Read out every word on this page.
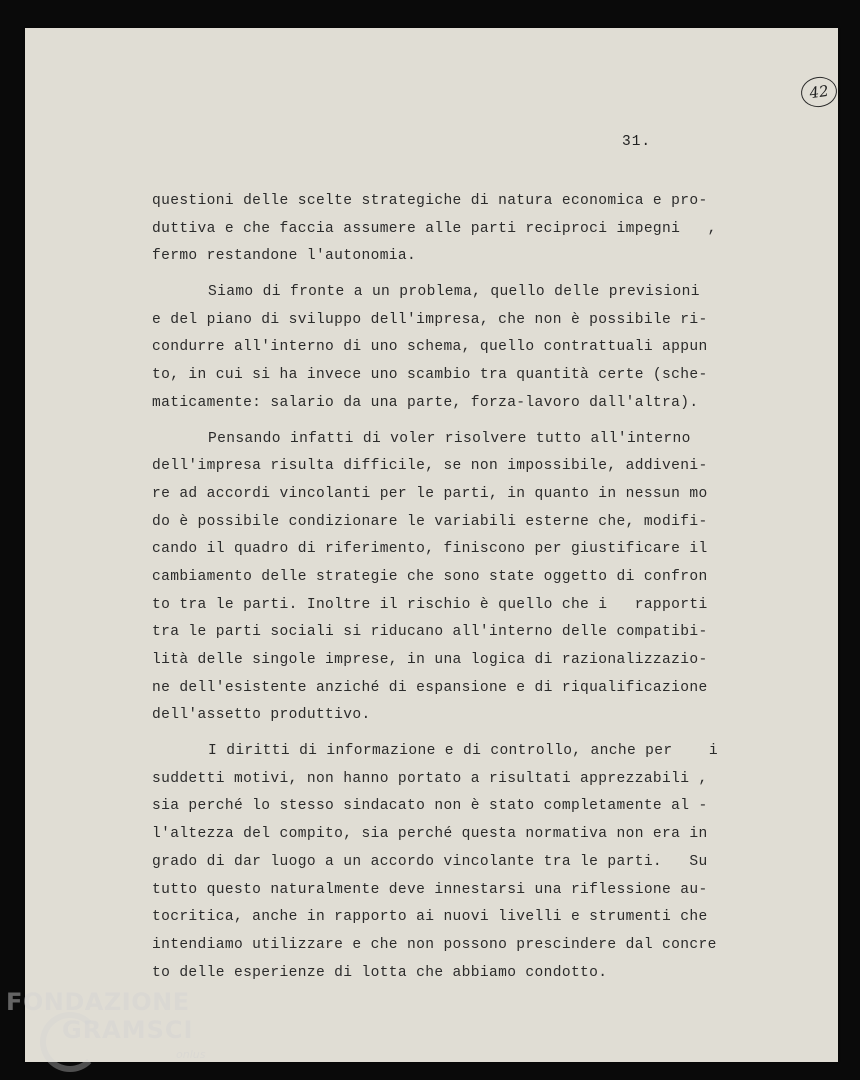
42
31.

questioni delle scelte strategiche di natura economica e pro-
duttiva e che faccia assumere alle parti reciproci impegni   ,
fermo restandone l'autonomia.

Siamo di fronte a un problema, quello delle previsioni
e del piano di sviluppo dell'impresa, che non è possibile ri-
condurre all'interno di uno schema, quello contrattuali appun
to, in cui si ha invece uno scambio tra quantità certe (sche-
maticamente: salario da una parte, forza-lavoro dall'altra).

Pensando infatti di voler risolvere tutto all'interno
dell'impresa risulta difficile, se non impossibile, addiveni-
re ad accordi vincolanti per le parti, in quanto in nessun mo
do è possibile condizionare le variabili esterne che, modifi-
cando il quadro di riferimento, finiscono per giustificare il
cambiamento delle strategie che sono state oggetto di confron
to tra le parti. Inoltre il rischio è quello che i   rapporti
tra le parti sociali si riducano all'interno delle compatibi-
lità delle singole imprese, in una logica di razionalizzazio-
ne dell'esistente anziché di espansione e di riqualificazione
dell'assetto produttivo.

I diritti di informazione e di controllo, anche per    i
suddetti motivi, non hanno portato a risultati apprezzabili ,
sia perché lo stesso sindacato non è stato completamente al -
l'altezza del compito, sia perché questa normativa non era in
grado di dar luogo a un accordo vincolante tra le parti.   Su
tutto questo naturalmente deve innestarsi una riflessione au-
tocritica, anche in rapporto ai nuovi livelli e strumenti che
intendiamo utilizzare e che non possono prescindere dal concre
to delle esperienze di lotta che abbiamo condotto.

FONDAZIONE
GRAMSCI
onlus
